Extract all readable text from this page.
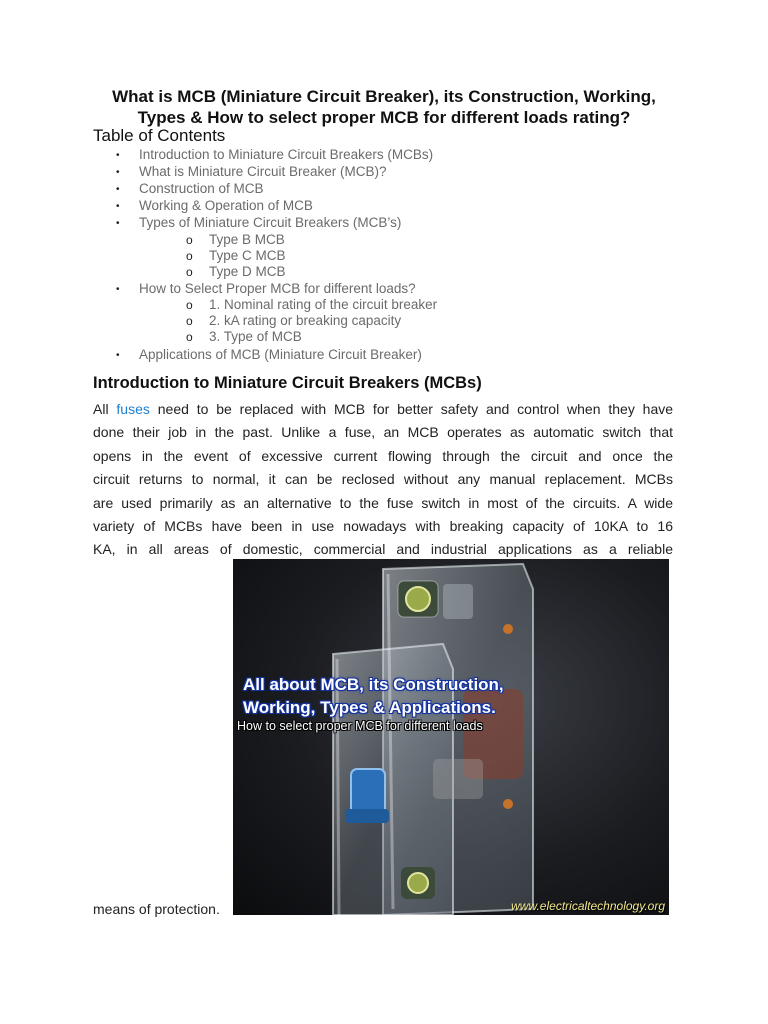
What is MCB (Miniature Circuit Breaker), its Construction, Working,
Types & How to select proper MCB for different loads rating?
Table of Contents
• Introduction to Miniature Circuit Breakers (MCBs)
• What is Miniature Circuit Breaker (MCB)?
• Construction of MCB
• Working & Operation of MCB
• Types of Miniature Circuit Breakers (MCB’s)
o Type B MCB
o Type C MCB
o Type D MCB
• How to Select Proper MCB for different loads?
o 1. Nominal rating of the circuit breaker
o 2. kA rating or breaking capacity
o 3. Type of MCB
• Applications of MCB (Miniature Circuit Breaker)
Introduction to Miniature Circuit Breakers (MCBs)
All fuses need to be replaced with MCB for better safety and control when they have
done their job in the past. Unlike a fuse, an MCB operates as automatic switch that
opens in the event of excessive current flowing through the circuit and once the
circuit returns to normal, it can be reclosed without any manual replacement. MCBs
are used primarily as an alternative to the fuse switch in most of the circuits. A wide
variety of MCBs have been in use nowadays with breaking capacity of 10KA to 16
KA, in all areas of domestic, commercial and industrial applications as a reliable
means of protection.
All about MCB, its Construction,
Working, Types & Applications.
How to select proper MCB for different loads
www.electricaltechnology.org
